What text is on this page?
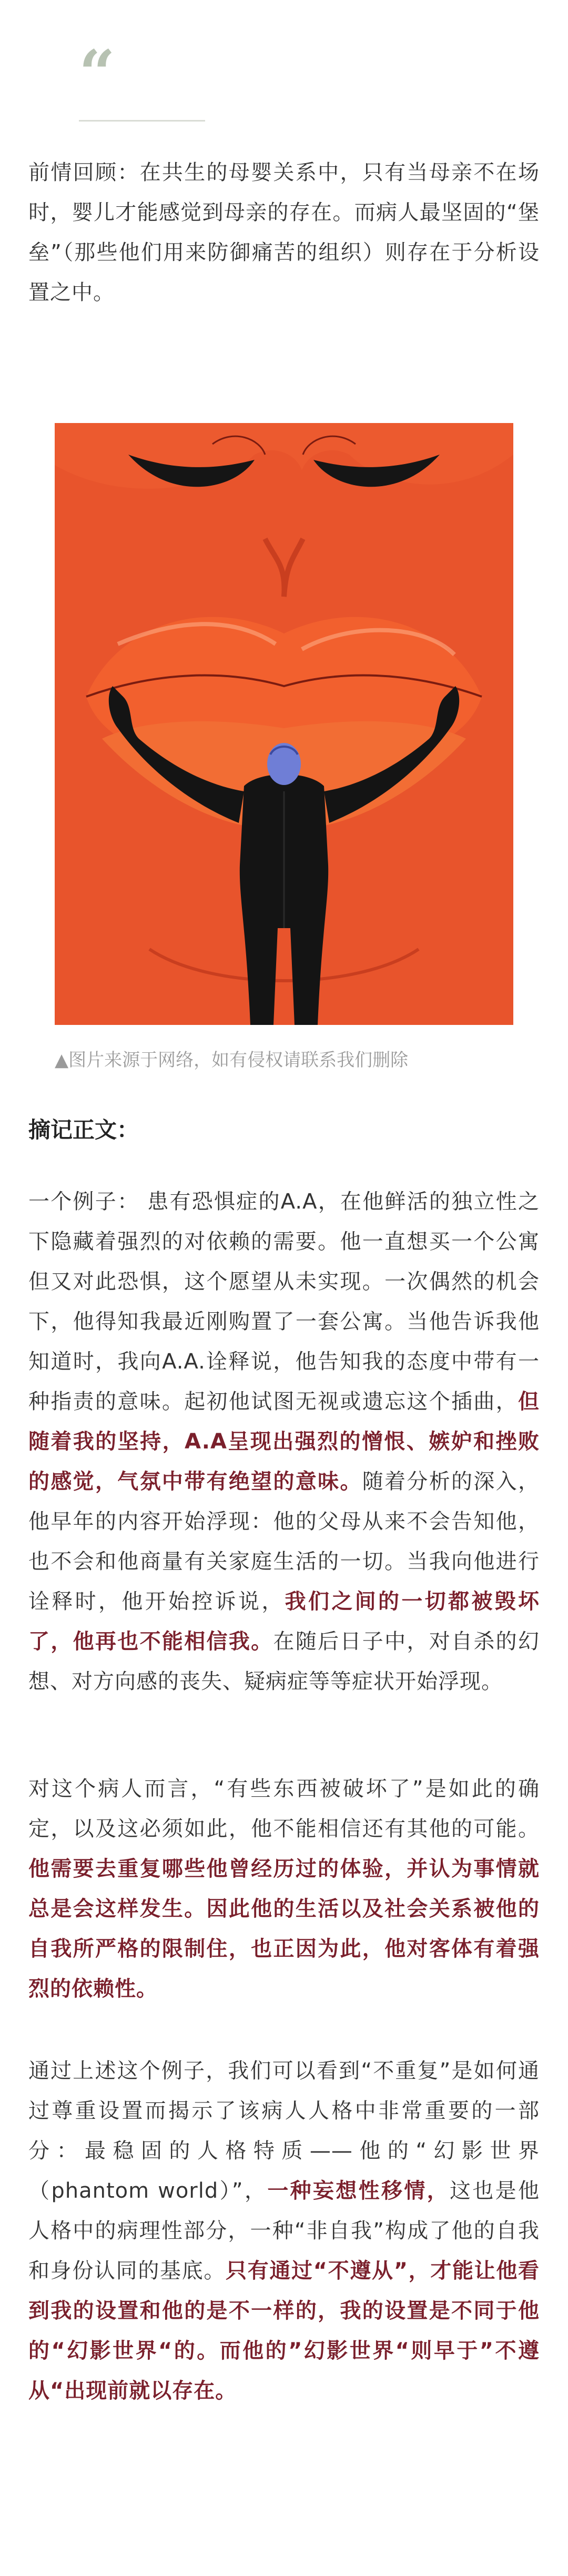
“

前情回顾：在共生的母婴关系中，只有当母亲不在场时，婴儿才能感觉到母亲的存在。而病人最坚固的“堡垒”（那些他们用来防御痛苦的组织）则存在于分析设置之中。

▲图片来源于网络，如有侵权请联系我们删除
摘记正文：

一个例子： 患有恐惧症的A.A，在他鲜活的独立性之下隐藏着强烈的对依赖的需要。他一直想买一个公寓但又对此恐惧，这个愿望从未实现。一次偶然的机会下，他得知我最近刚购置了一套公寓。当他告诉我他知道时，我向A.A.诠释说，他告知我的态度中带有一种指责的意味。起初他试图无视或遗忘这个插曲，但随着我的坚持，A.A呈现出强烈的憎恨、嫉妒和挫败的感觉，气氛中带有绝望的意味。随着分析的深入，他早年的内容开始浮现：他的父母从来不会告知他，也不会和他商量有关家庭生活的一切。当我向他进行诠释时，他开始控诉说，我们之间的一切都被毁坏了，他再也不能相信我。在随后日子中，对自杀的幻想、对方向感的丧失、疑病症等等症状开始浮现。

对这个病人而言，“有些东西被破坏了”是如此的确定，以及这必须如此，他不能相信还有其他的可能。他需要去重复哪些他曾经历过的体验，并认为事情就总是会这样发生。因此他的生活以及社会关系被他的自我所严格的限制住，也正因为此，他对客体有着强烈的依赖性。

通过上述这个例子，我们可以看到“不重复”是如何通过尊重设置而揭示了该病人人格中非常重要的一部分：最稳固的人格特质——他的“幻影世界（phantom world）”，一种妄想性移情，这也是他人格中的病理性部分，一种“非自我”构成了他的自我和身份认同的基底。只有通过“不遵从”，才能让他看到我的设置和他的是不一样的，我的设置是不同于他的“幻影世界“的。而他的”幻影世界“则早于”不遵从“出现前就以存在。
